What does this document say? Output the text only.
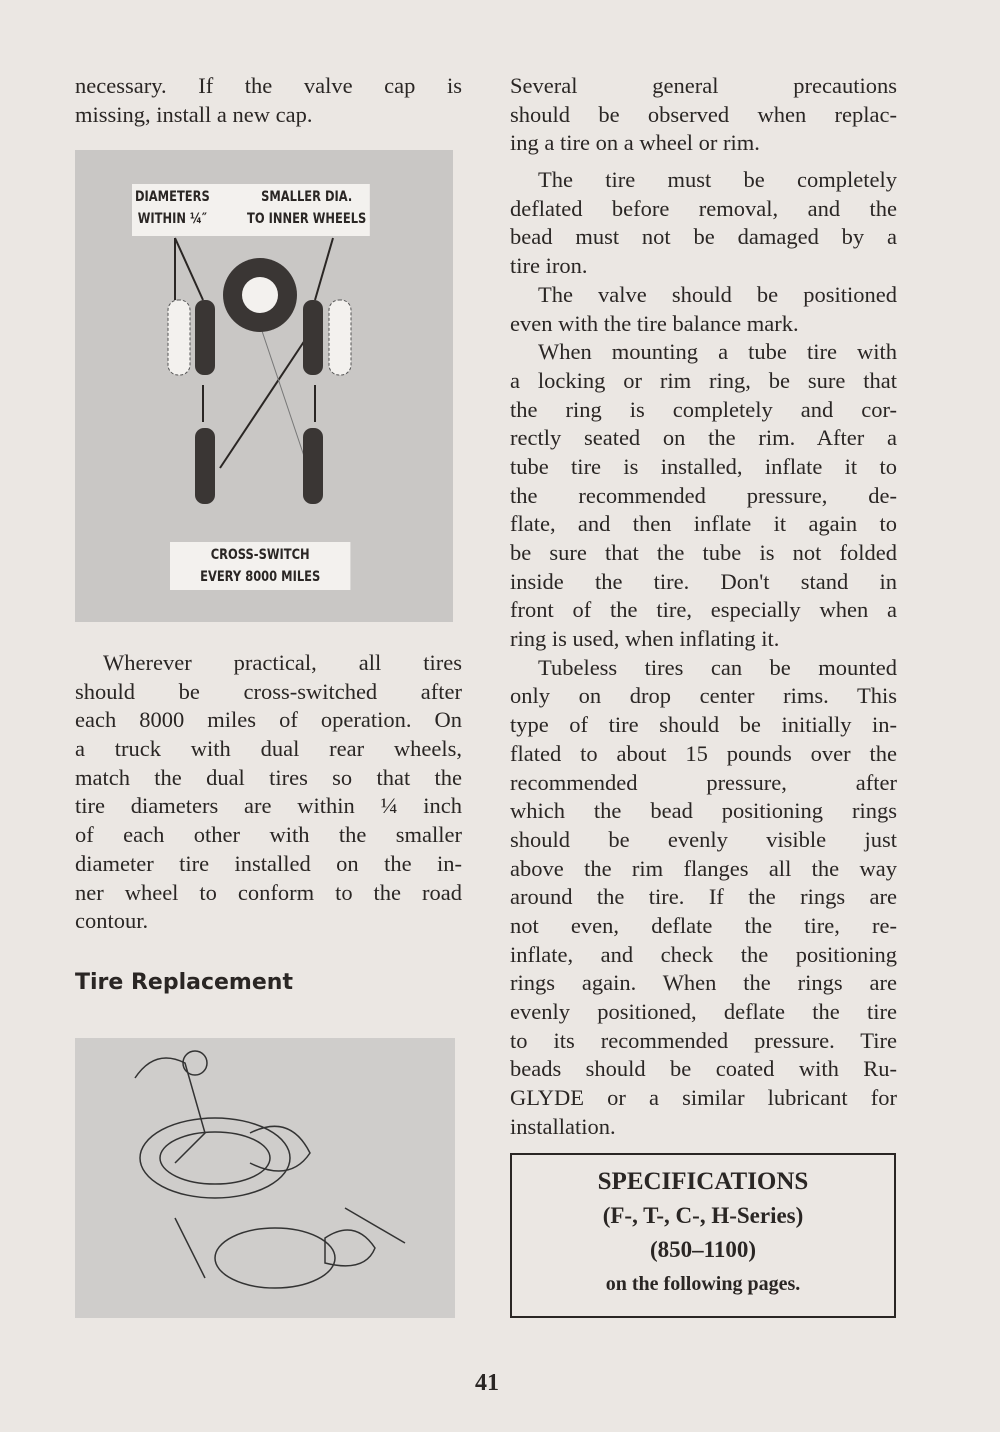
necessary. If the valve cap is
missing, install a new cap.
DIAMETERS
WITHIN ¼″
SMALLER DIA.
TO INNER WHEELS
CROSS-SWITCH
EVERY 8000 MILES
Wherever practical, all tires
should be cross-switched after
each 8000 miles of operation. On
a truck with dual rear wheels,
match the dual tires so that the
tire diameters are within ¼ inch
of each other with the smaller
diameter tire installed on the in-
ner wheel to conform to the road
contour.
Tire Replacement
Several general precautions
should be observed when replac-
ing a tire on a wheel or rim.
The tire must be completely
deflated before removal, and the
bead must not be damaged by a
tire iron.
The valve should be positioned
even with the tire balance mark.
When mounting a tube tire with
a locking or rim ring, be sure that
the ring is completely and cor-
rectly seated on the rim. After a
tube tire is installed, inflate it to
the recommended pressure, de-
flate, and then inflate it again to
be sure that the tube is not folded
inside the tire. Don't stand in
front of the tire, especially when a
ring is used, when inflating it.
Tubeless tires can be mounted
only on drop center rims. This
type of tire should be initially in-
flated to about 15 pounds over the
recommended pressure, after
which the bead positioning rings
should be evenly visible just
above the rim flanges all the way
around the tire. If the rings are
not even, deflate the tire, re-
inflate, and check the positioning
rings again. When the rings are
evenly positioned, deflate the tire
to its recommended pressure. Tire
beads should be coated with Ru-
GLYDE or a similar lubricant for
installation.
SPECIFICATIONS
(F-, T-, C-, H-Series)
(850–1100)
on the following pages.
41
